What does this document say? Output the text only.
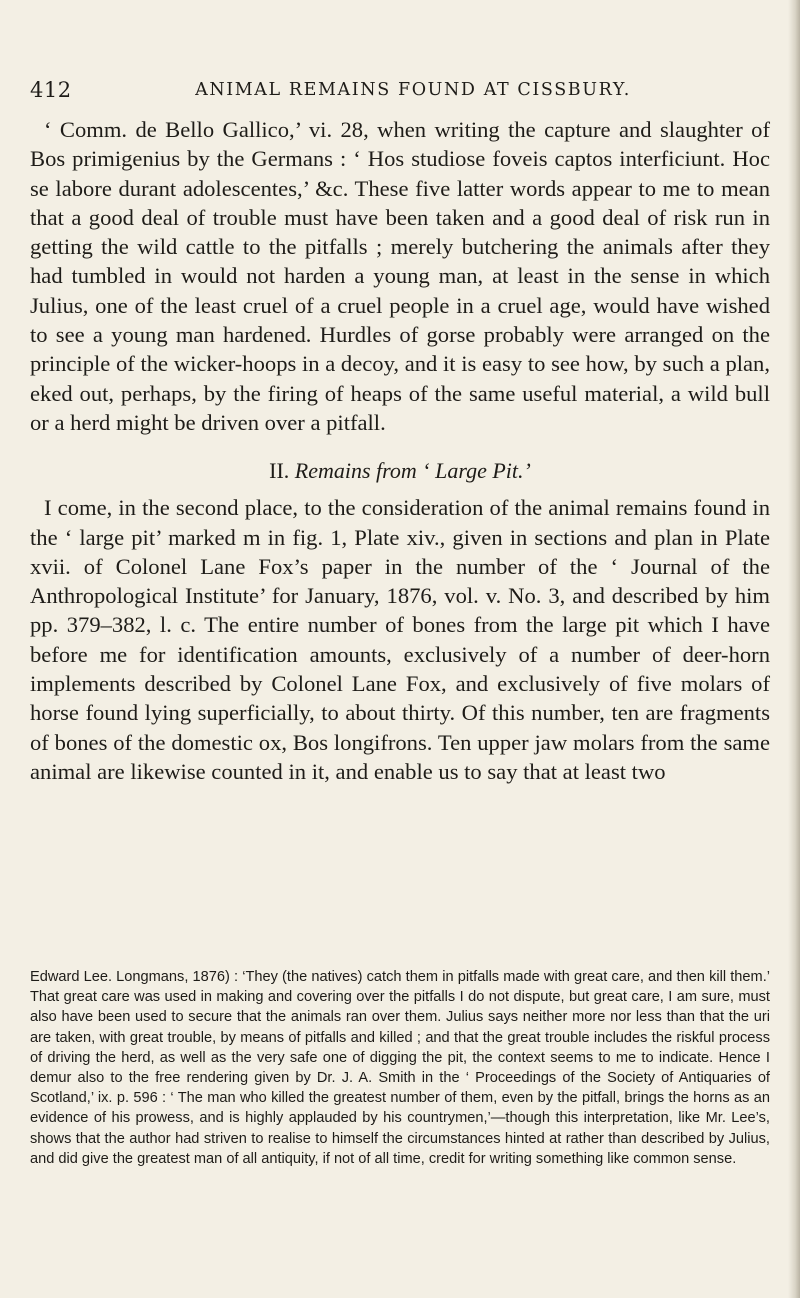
412	ANIMAL REMAINS FOUND AT CISSBURY.

‘ Comm. de Bello Gallico,’ vi. 28, when writing the capture and slaughter of Bos primigenius by the Germans : ‘ Hos studiose foveis captos interficiunt. Hoc se labore durant adolescentes,’ &c. These five latter words appear to me to mean that a good deal of trouble must have been taken and a good deal of risk run in getting the wild cattle to the pitfalls ; merely butchering the animals after they had tumbled in would not harden a young man, at least in the sense in which Julius, one of the least cruel of a cruel people in a cruel age, would have wished to see a young man hardened. Hurdles of gorse probably were arranged on the principle of the wicker-hoops in a decoy, and it is easy to see how, by such a plan, eked out, perhaps, by the firing of heaps of the same useful material, a wild bull or a herd might be driven over a pitfall.

II. Remains from ‘ Large Pit.’

I come, in the second place, to the consideration of the animal remains found in the ‘ large pit’ marked m in fig. 1, Plate xiv., given in sections and plan in Plate xvii. of Colonel Lane Fox’s paper in the number of the ‘ Journal of the Anthropological Institute’ for January, 1876, vol. v. No. 3, and described by him pp. 379–382, l. c. The entire number of bones from the large pit which I have before me for identification amounts, exclusively of a number of deer-horn implements described by Colonel Lane Fox, and exclusively of five molars of horse found lying superficially, to about thirty. Of this number, ten are fragments of bones of the domestic ox, Bos longifrons. Ten upper jaw molars from the same animal are likewise counted in it, and enable us to say that at least two

Edward Lee. Longmans, 1876) : ‘They (the natives) catch them in pitfalls made with great care, and then kill them.’ That great care was used in making and covering over the pitfalls I do not dispute, but great care, I am sure, must also have been used to secure that the animals ran over them. Julius says neither more nor less than that the uri are taken, with great trouble, by means of pitfalls and killed ; and that the great trouble includes the riskful process of driving the herd, as well as the very safe one of digging the pit, the context seems to me to indicate. Hence I demur also to the free rendering given by Dr. J. A. Smith in the ‘ Proceedings of the Society of Antiquaries of Scotland,’ ix. p. 596 : ‘ The man who killed the greatest number of them, even by the pitfall, brings the horns as an evidence of his prowess, and is highly applauded by his countrymen,’—though this interpretation, like Mr. Lee’s, shows that the author had striven to realise to himself the circumstances hinted at rather than described by Julius, and did give the greatest man of all antiquity, if not of all time, credit for writing something like common sense.
